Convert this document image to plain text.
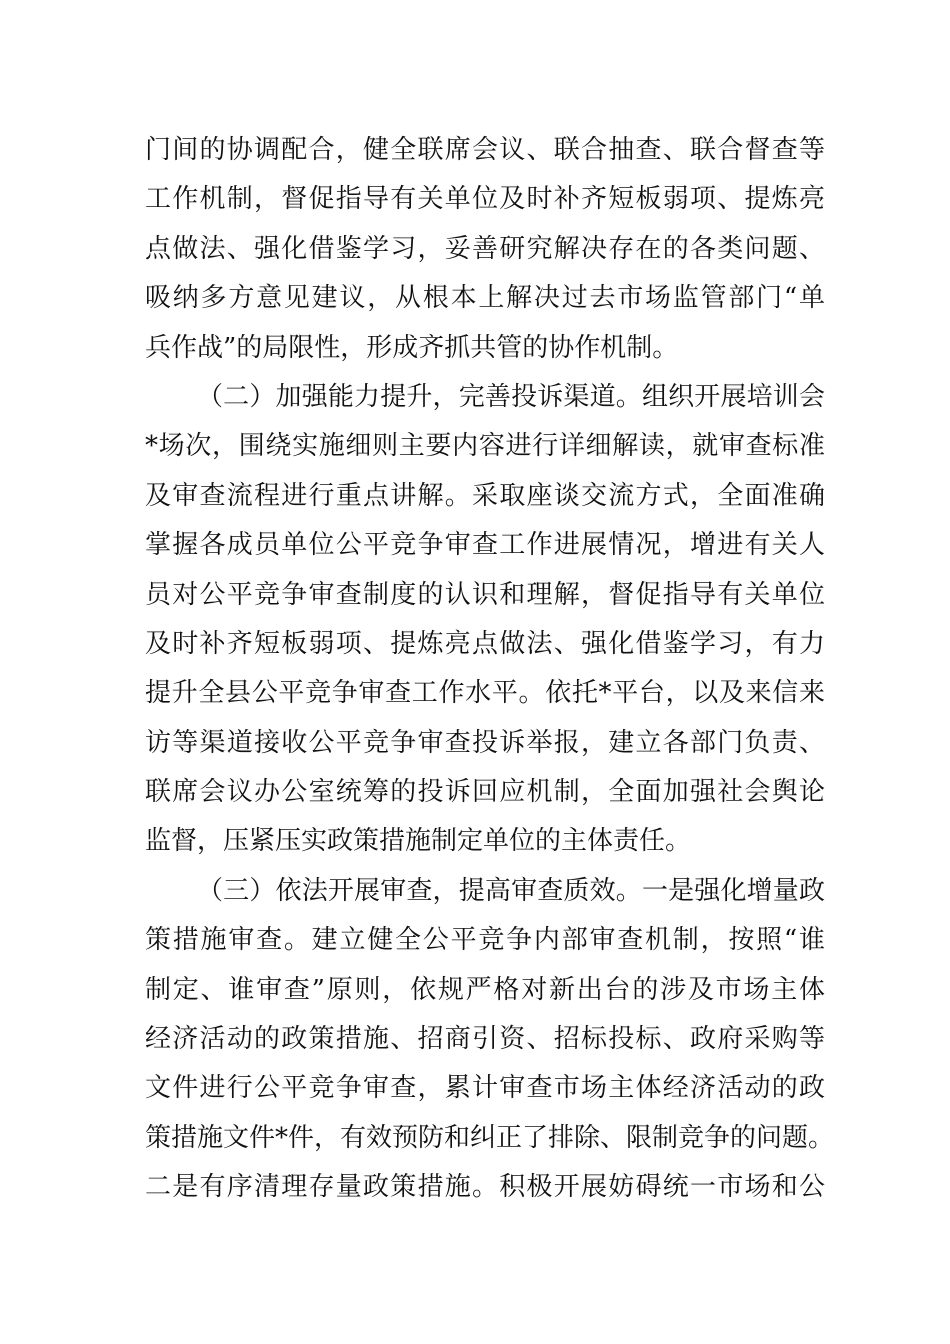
门间的协调配合，健全联席会议、联合抽查、联合督查等
工作机制，督促指导有关单位及时补齐短板弱项、提炼亮
点做法、强化借鉴学习，妥善研究解决存在的各类问题、
吸纳多方意见建议，从根本上解决过去市场监管部门“单
兵作战”的局限性，形成齐抓共管的协作机制。
（二）加强能力提升，完善投诉渠道。组织开展培训会
*场次，围绕实施细则主要内容进行详细解读，就审查标准
及审查流程进行重点讲解。采取座谈交流方式，全面准确
掌握各成员单位公平竞争审查工作进展情况，增进有关人
员对公平竞争审查制度的认识和理解，督促指导有关单位
及时补齐短板弱项、提炼亮点做法、强化借鉴学习，有力
提升全县公平竞争审查工作水平。依托*平台，以及来信来
访等渠道接收公平竞争审查投诉举报，建立各部门负责、
联席会议办公室统筹的投诉回应机制，全面加强社会舆论
监督，压紧压实政策措施制定单位的主体责任。
（三）依法开展审查，提高审查质效。一是强化增量政
策措施审查。建立健全公平竞争内部审查机制，按照“谁
制定、谁审查”原则，依规严格对新出台的涉及市场主体
经济活动的政策措施、招商引资、招标投标、政府采购等
文件进行公平竞争审查，累计审查市场主体经济活动的政
策措施文件*件，有效预防和纠正了排除、限制竞争的问题。
二是有序清理存量政策措施。积极开展妨碍统一市场和公
